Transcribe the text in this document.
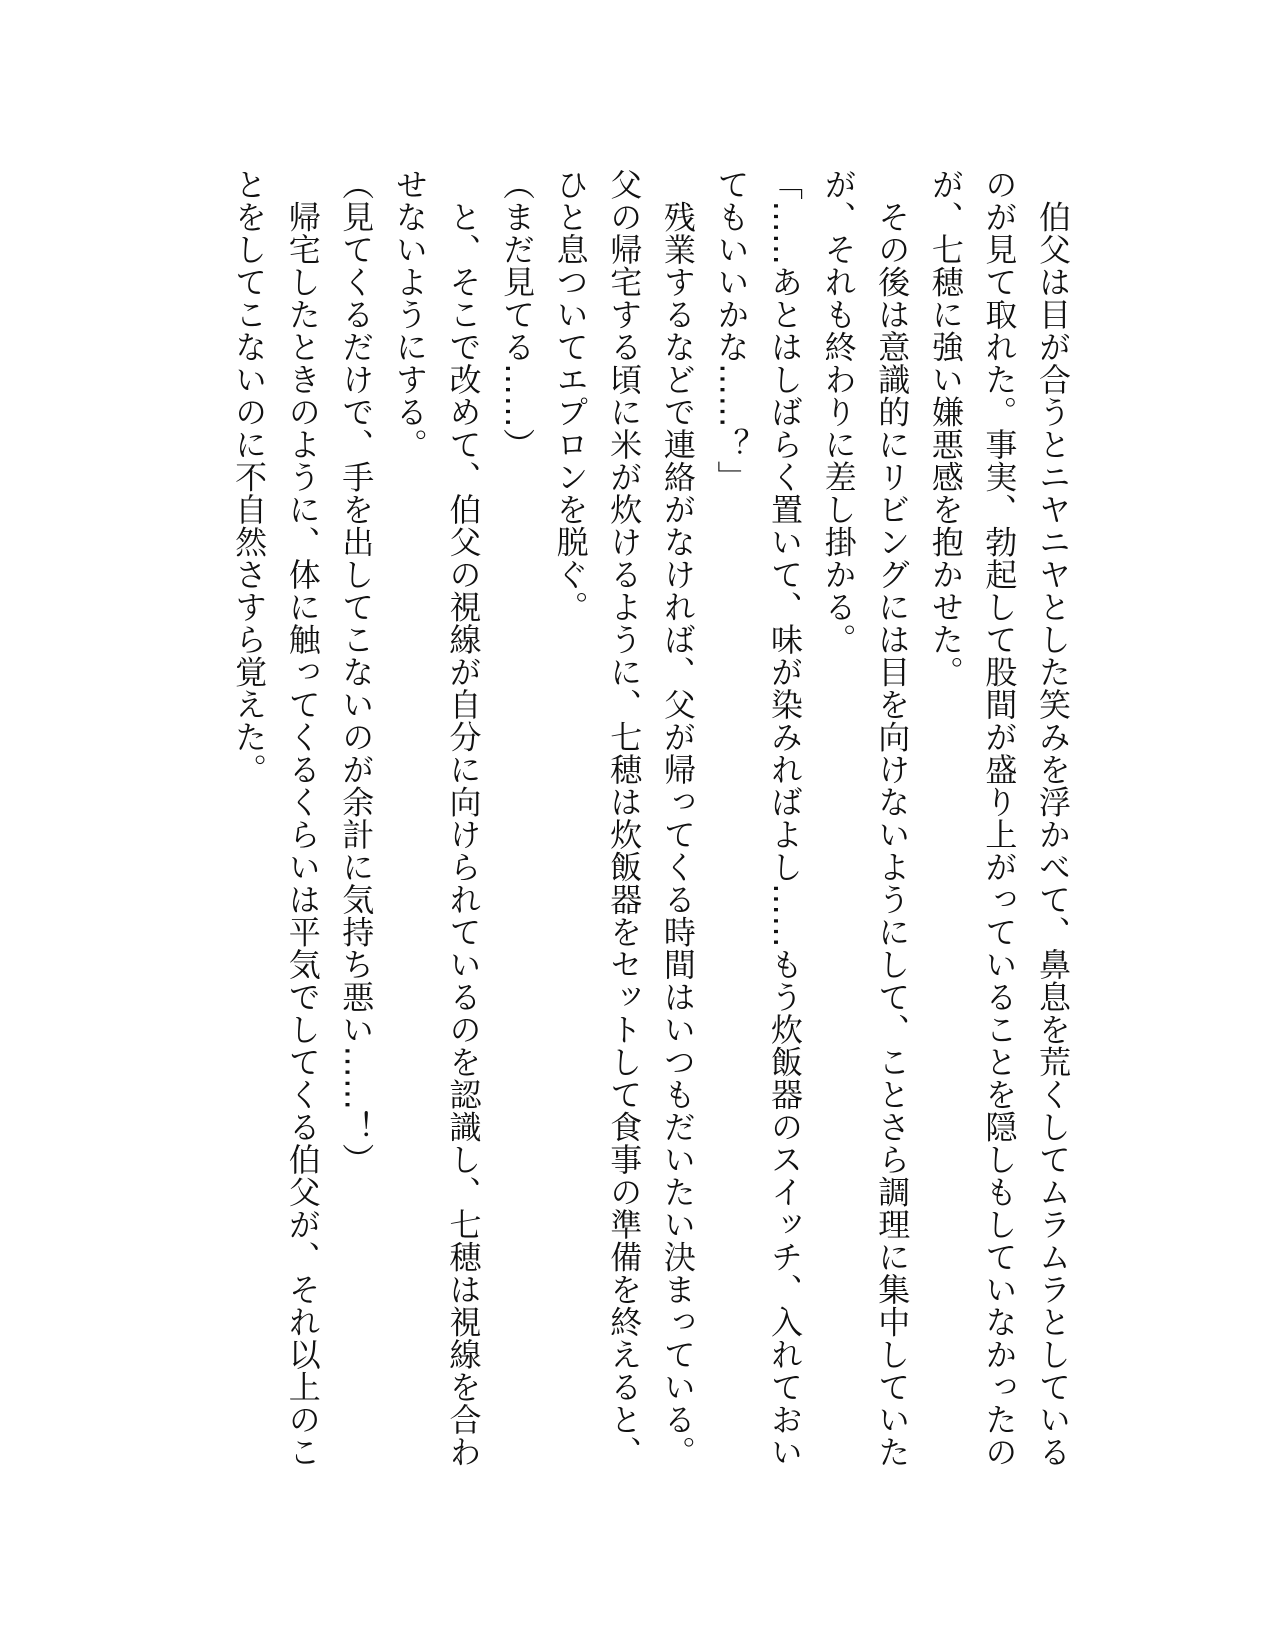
　伯父は目が合うとニヤニヤとした笑みを浮かべて、鼻息を荒くしてムラムラとしているのが見て取れた。事実、勃起して股間が盛り上がっていることを隠しもしていなかったのが、七穂に強い嫌悪感を抱かせた。

　その後は意識的にリビングには目を向けないようにして、ことさら調理に集中していたが、それも終わりに差し掛かる。

「……あとはしばらく置いて、味が染みればよし……もう炊飯器のスイッチ、入れておいてもいいかな……？」

　残業するなどで連絡がなければ、父が帰ってくる時間はいつもだいたい決まっている。父の帰宅する頃に米が炊けるように、七穂は炊飯器をセットして食事の準備を終えると、ひと息ついてエプロンを脱ぐ。

（まだ見てる……）

　と、そこで改めて、伯父の視線が自分に向けられているのを認識し、七穂は視線を合わせないようにする。

（見てくるだけで、手を出してこないのが余計に気持ち悪い……！）

　帰宅したときのように、体に触ってくるくらいは平気でしてくる伯父が、それ以上のことをしてこないのに不自然さすら覚えた。
